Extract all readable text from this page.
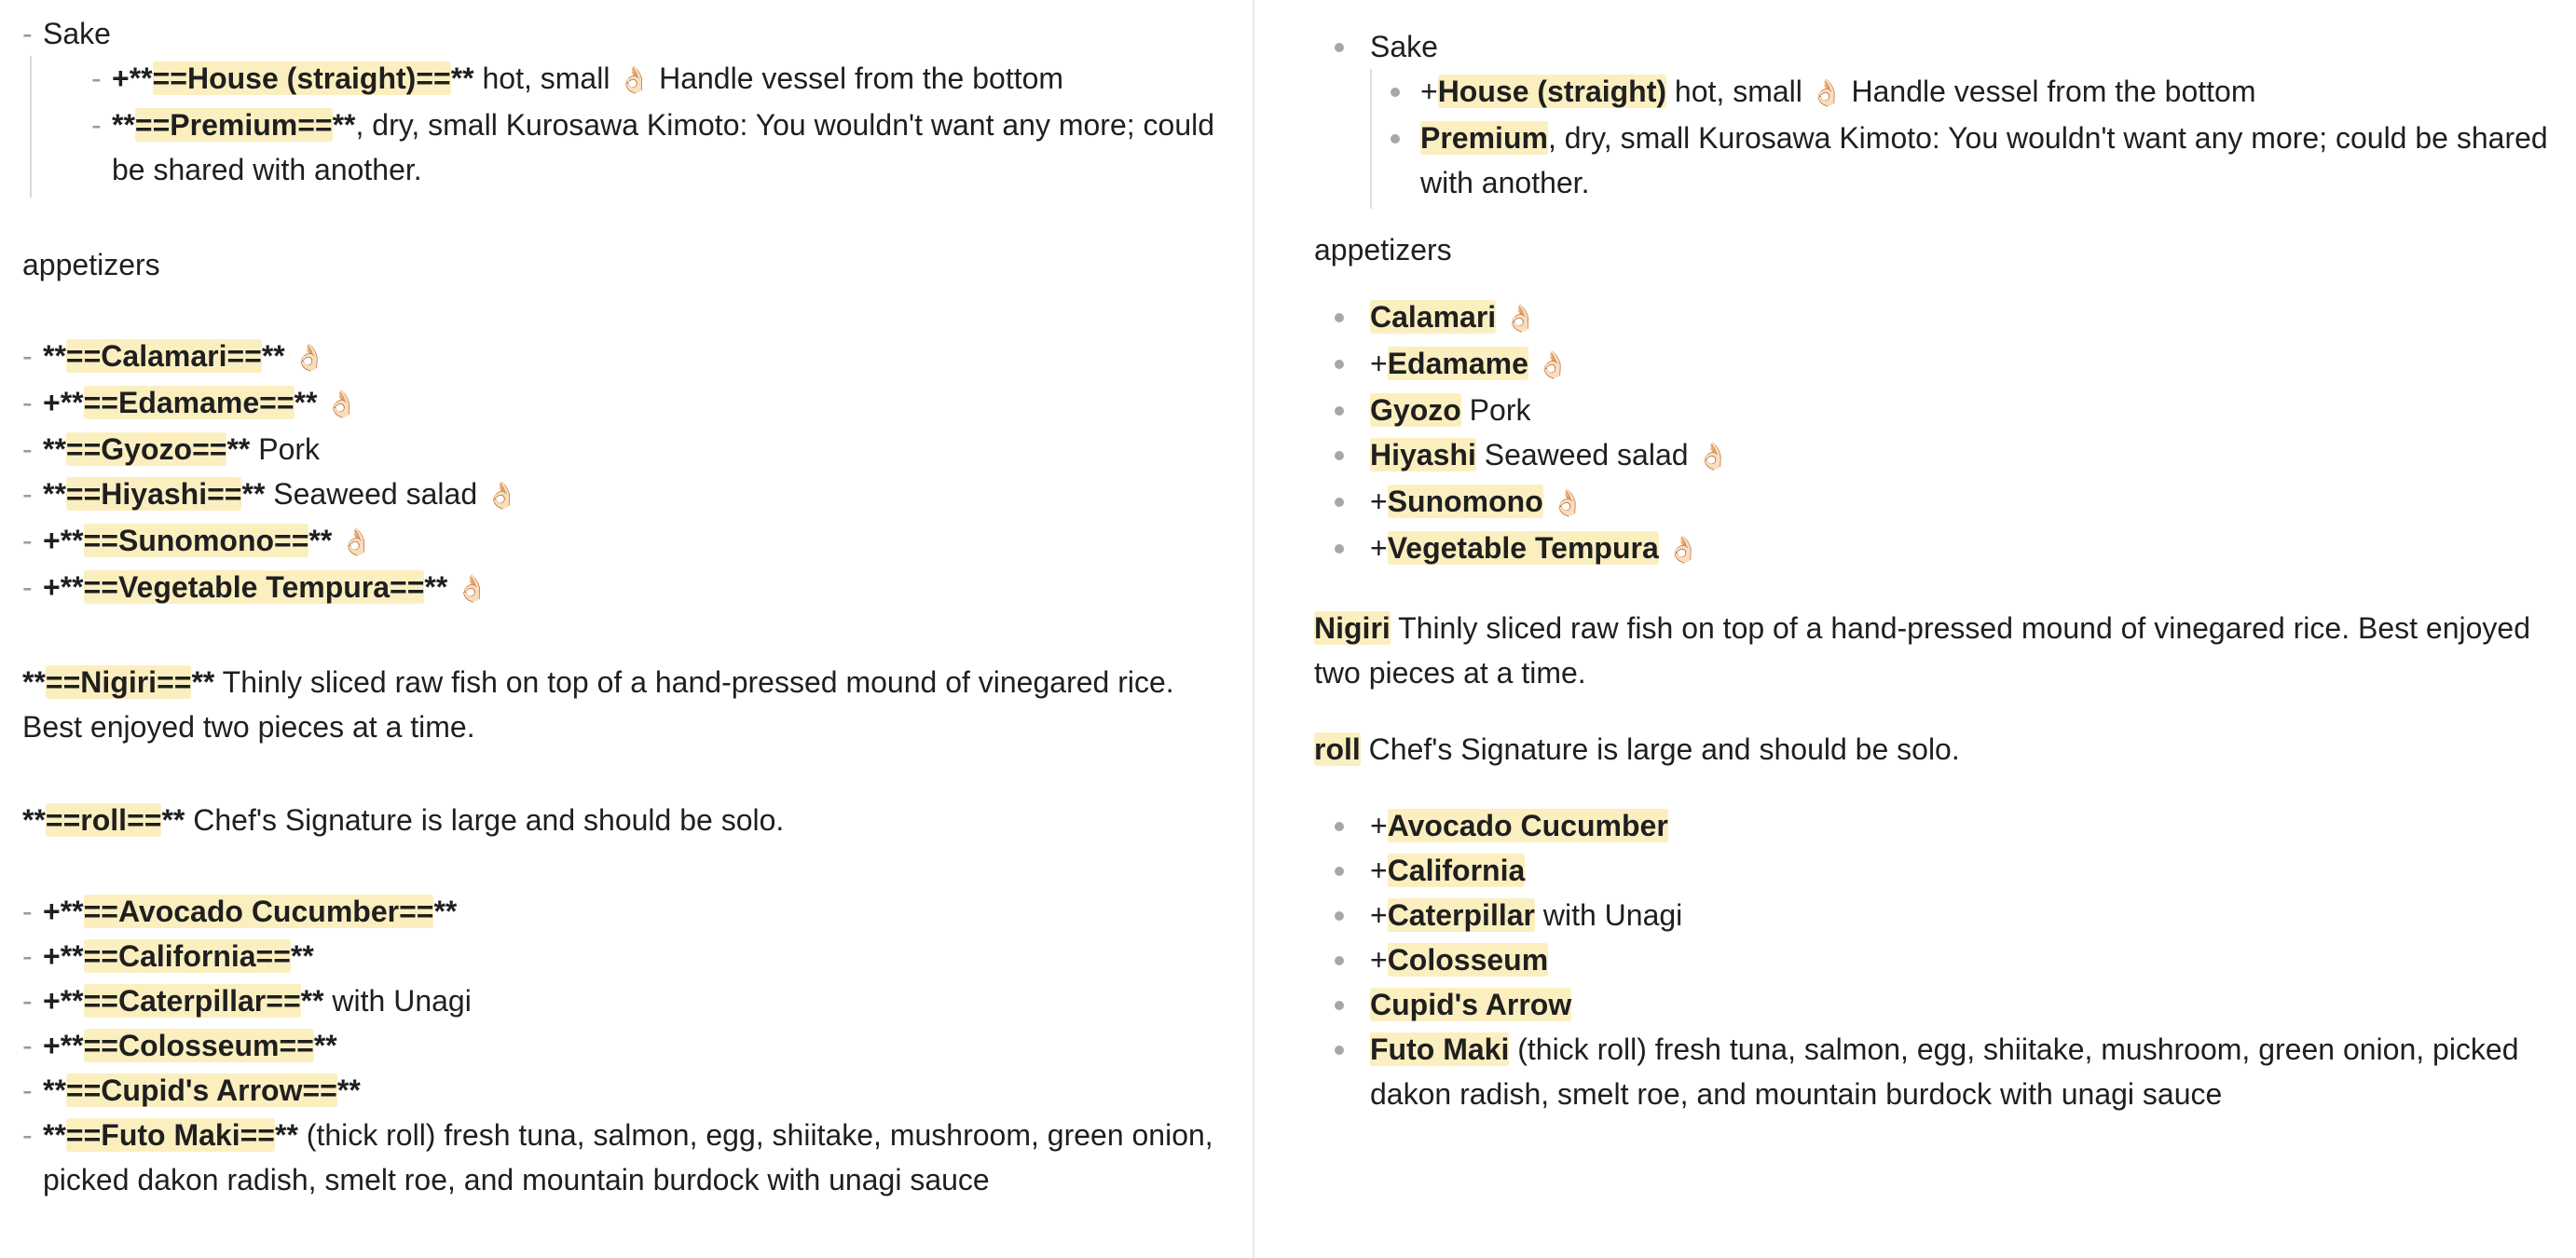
- Sake
- +**==House (straight)==** hot, small 👌🏻 Handle vessel from the bottom
- **==Premium==**, dry, small Kurosawa Kimoto: You wouldn't want any more; could be shared with another.
appetizers
- **==Calamari==** 👌🏻
- +**==Edamame==** 👌🏻
- **==Gyozo==** Pork
- **==Hiyashi==** Seaweed salad 👌🏻
- +**==Sunomono==** 👌🏻
- +**==Vegetable Tempura==** 👌🏻
**==Nigiri==** Thinly sliced raw fish on top of a hand-pressed mound of vinegared rice. Best enjoyed two pieces at a time.
**==roll==** Chef's Signature is large and should be solo.
- +**==Avocado Cucumber==**
- +**==California==**
- +**==Caterpillar==** with Unagi
- +**==Colosseum==**
- **==Cupid's Arrow==**
- **==Futo Maki==** (thick roll) fresh tuna, salmon, egg, shiitake, mushroom, green onion, picked dakon radish, smelt roe, and mountain burdock with unagi sauce
Sake
+House (straight) hot, small 👌🏻 Handle vessel from the bottom
Premium, dry, small Kurosawa Kimoto: You wouldn't want any more; could be shared with another.
appetizers
Calamari 👌🏻
+Edamame 👌🏻
Gyozo Pork
Hiyashi Seaweed salad 👌🏻
+Sunomono 👌🏻
+Vegetable Tempura 👌🏻
Nigiri Thinly sliced raw fish on top of a hand-pressed mound of vinegared rice. Best enjoyed two pieces at a time.
roll Chef's Signature is large and should be solo.
+Avocado Cucumber
+California
+Caterpillar with Unagi
+Colosseum
Cupid's Arrow
Futo Maki (thick roll) fresh tuna, salmon, egg, shiitake, mushroom, green onion, picked dakon radish, smelt roe, and mountain burdock with unagi sauce
